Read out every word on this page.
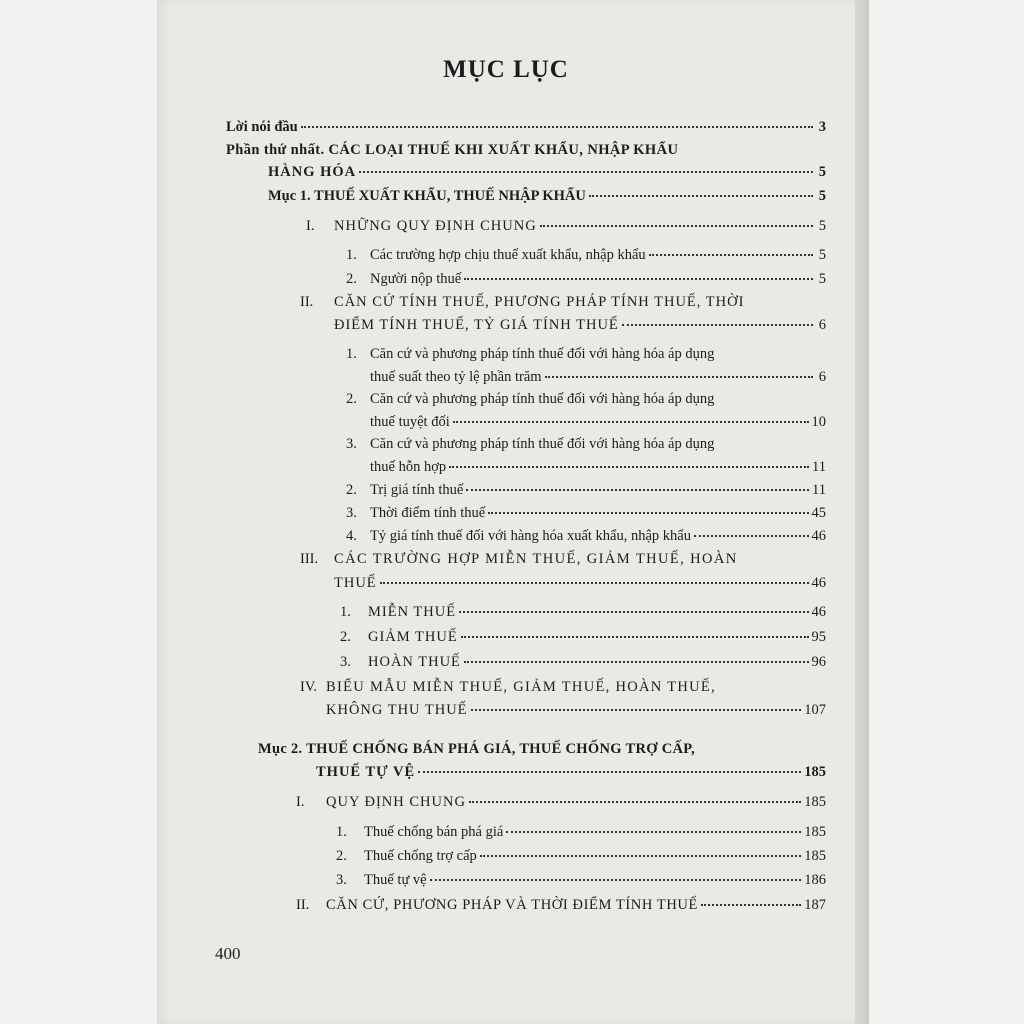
MỤC LỤC
Lời nói đầu	3
Phần thứ nhất. CÁC LOẠI THUẾ KHI XUẤT KHẨU, NHẬP KHẨU
HÀNG HÓA	5
Mục 1. THUẾ XUẤT KHẨU, THUẾ NHẬP KHẨU	5
I.	NHỮNG QUY ĐỊNH CHUNG	5
1. Các trường hợp chịu thuế xuất khẩu, nhập khẩu	5
2. Người nộp thuế	5
II. CĂN CỨ TÍNH THUẾ, PHƯƠNG PHÁP TÍNH THUẾ, THỜI
ĐIỂM TÍNH THUẾ, TỶ GIÁ TÍNH THUẾ	6
1. Căn cứ và phương pháp tính thuế đối với hàng hóa áp dụng
thuế suất theo tỷ lệ phần trăm	6
2. Căn cứ và phương pháp tính thuế đối với hàng hóa áp dụng
thuế tuyệt đối	10
3. Căn cứ và phương pháp tính thuế đối với hàng hóa áp dụng
thuế hỗn hợp	11
2. Trị giá tính thuế	11
3. Thời điểm tính thuế	45
4. Tỷ giá tính thuế đối với hàng hóa xuất khẩu, nhập khẩu	46
III. CÁC TRƯỜNG HỢP MIỄN THUẾ, GIẢM THUẾ, HOÀN
THUẾ	46
1.	MIỄN THUẾ	46
2.	GIẢM THUẾ	95
3.	HOÀN THUẾ	96
IV. BIỂU MẪU MIỄN THUẾ, GIẢM THUẾ, HOÀN THUẾ,
KHÔNG THU THUẾ	107
Mục 2. THUẾ CHỐNG BÁN PHÁ GIÁ, THUẾ CHỐNG TRỢ CẤP,
THUẾ TỰ VỆ	185
I.	QUY ĐỊNH CHUNG	185
1.	Thuế chống bán phá giá	185
2.	Thuế chống trợ cấp	185
3.	Thuế tự vệ	186
II.	CĂN CỨ, PHƯƠNG PHÁP VÀ THỜI ĐIỂM TÍNH THUẾ	187
400
